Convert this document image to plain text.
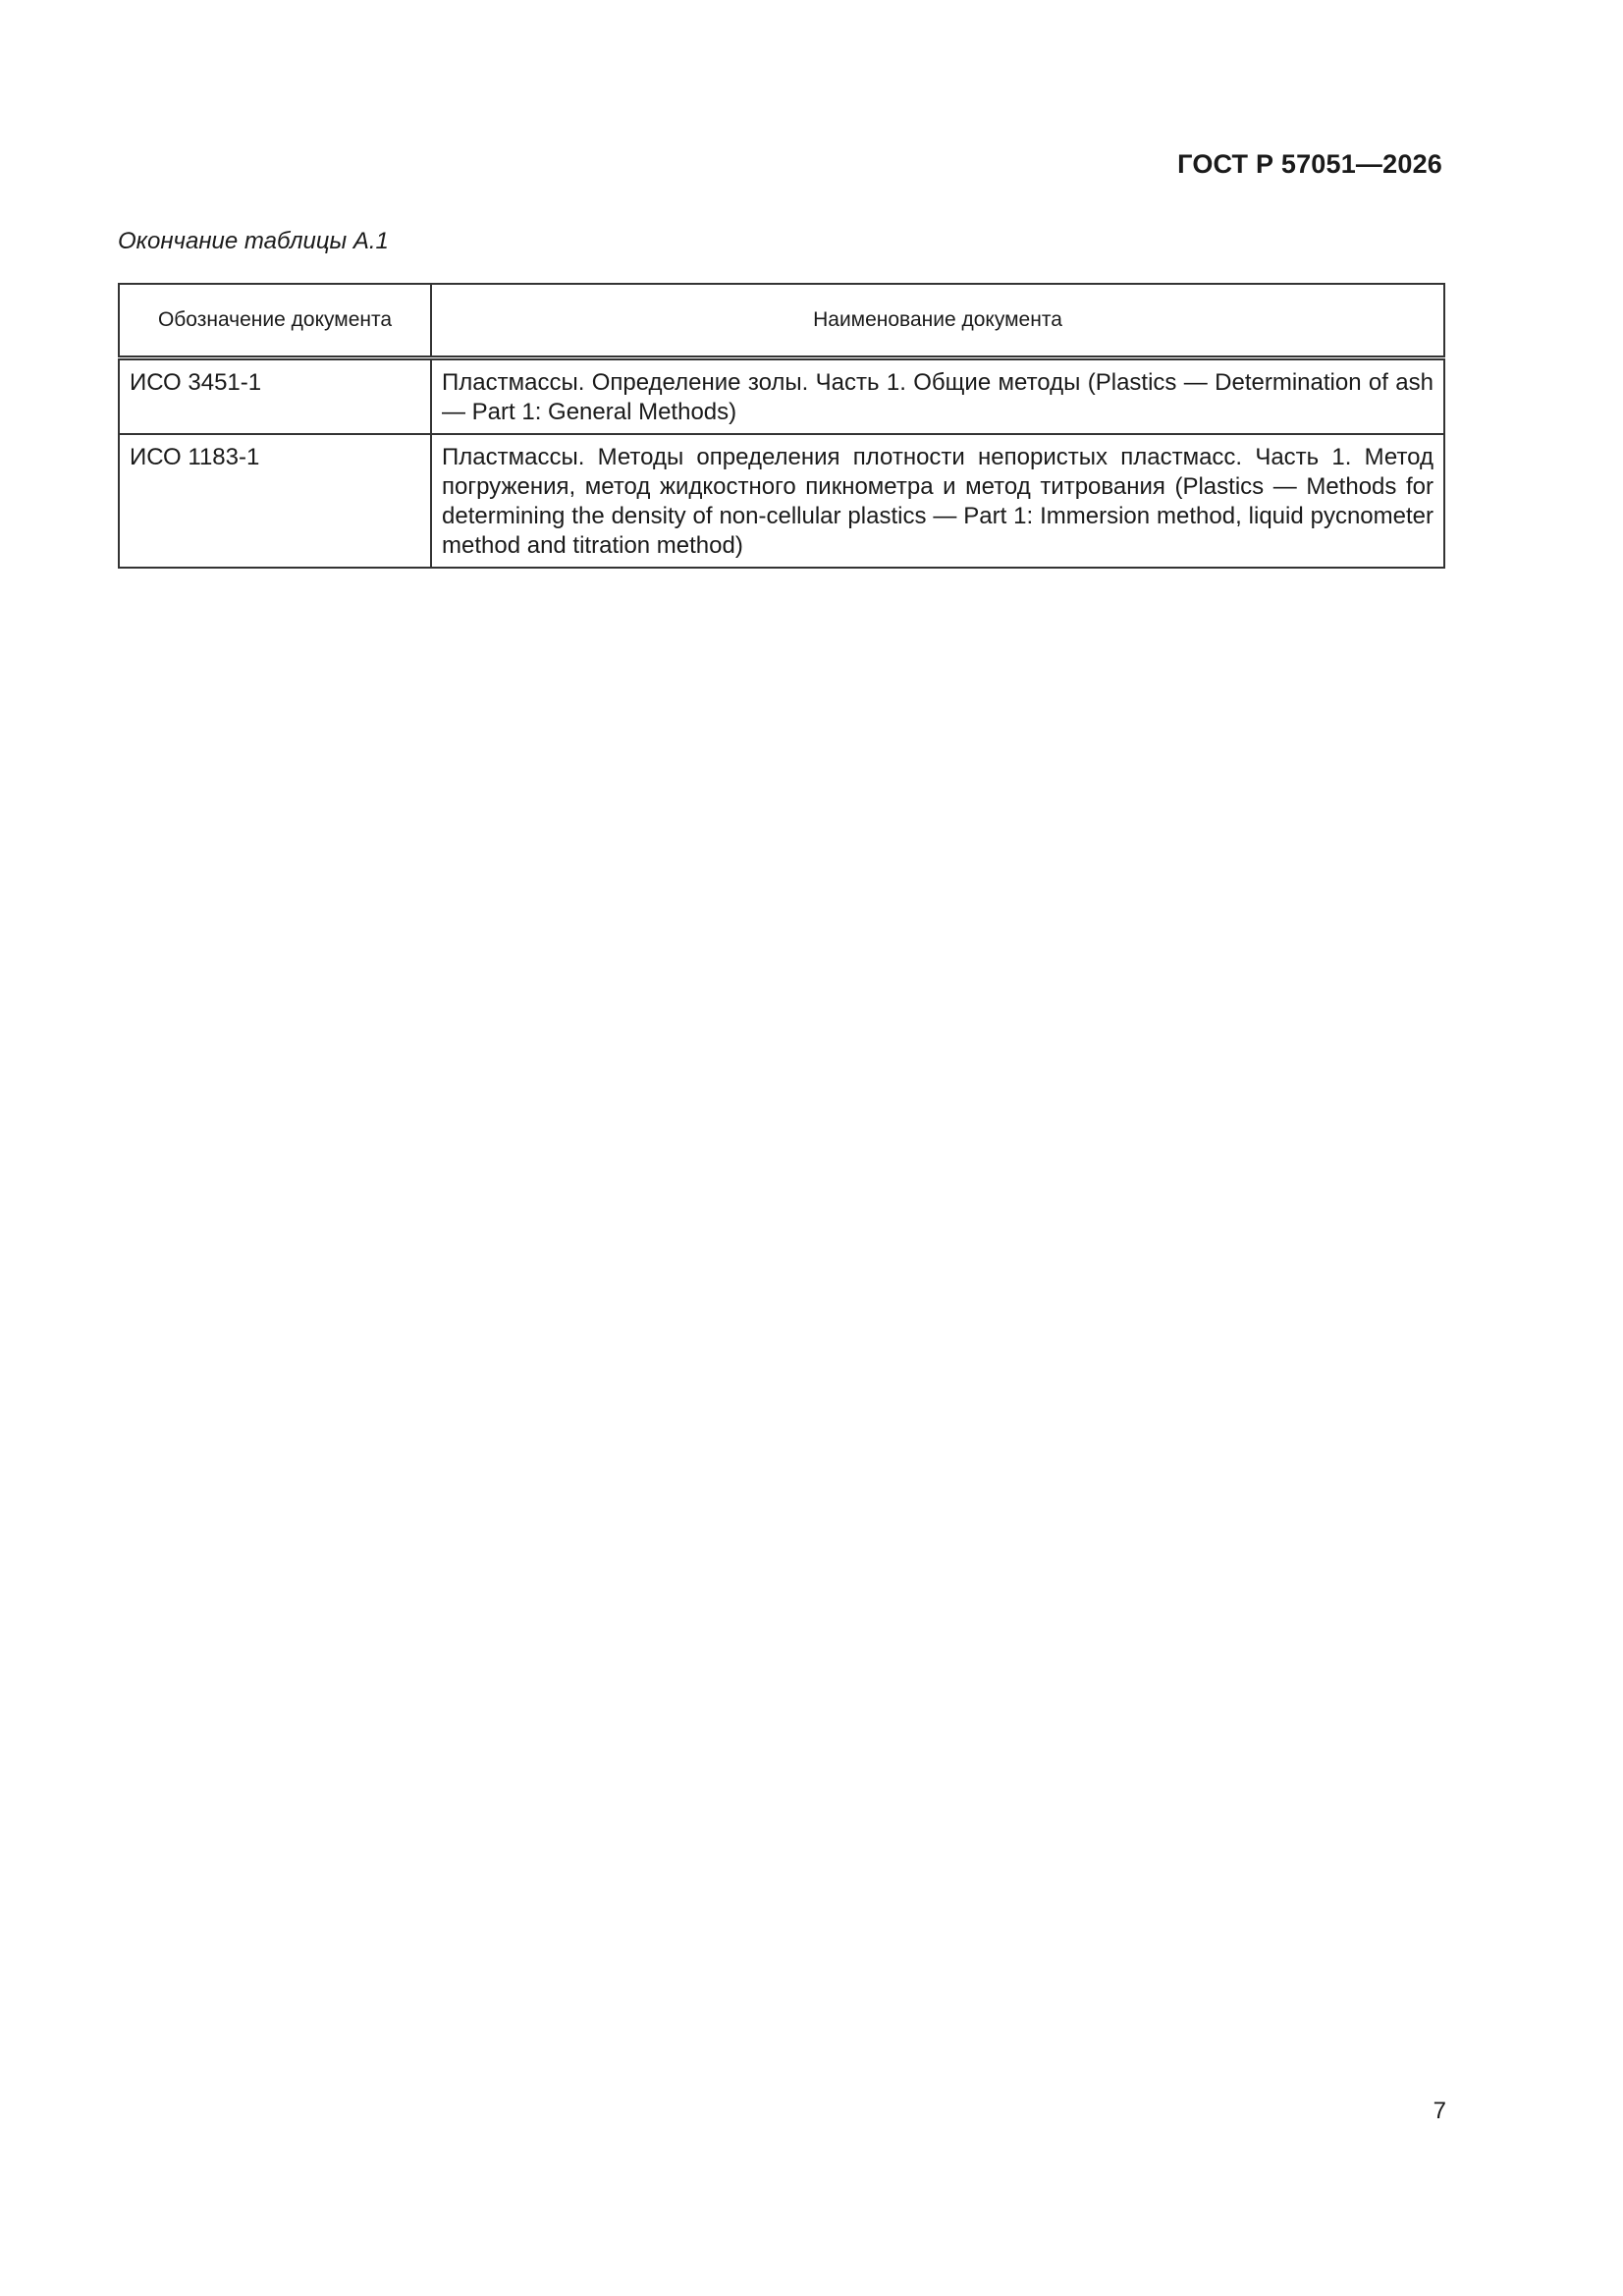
ГОСТ Р 57051—2026
Окончание таблицы А.1
Обозначение документа	Наименование документа
ИСО 3451-1	Пластмассы. Определение золы. Часть 1. Общие методы (Plastics — Determination of ash — Part 1: General Methods)
ИСО 1183-1	Пластмассы. Методы определения плотности непористых пластмасс. Часть 1. Метод погружения, метод жидкостного пикнометра и метод титрования (Plastics — Methods for determining the density of non-cellular plastics — Part 1: Immersion method, liquid pycnometer method and titration method)
7
